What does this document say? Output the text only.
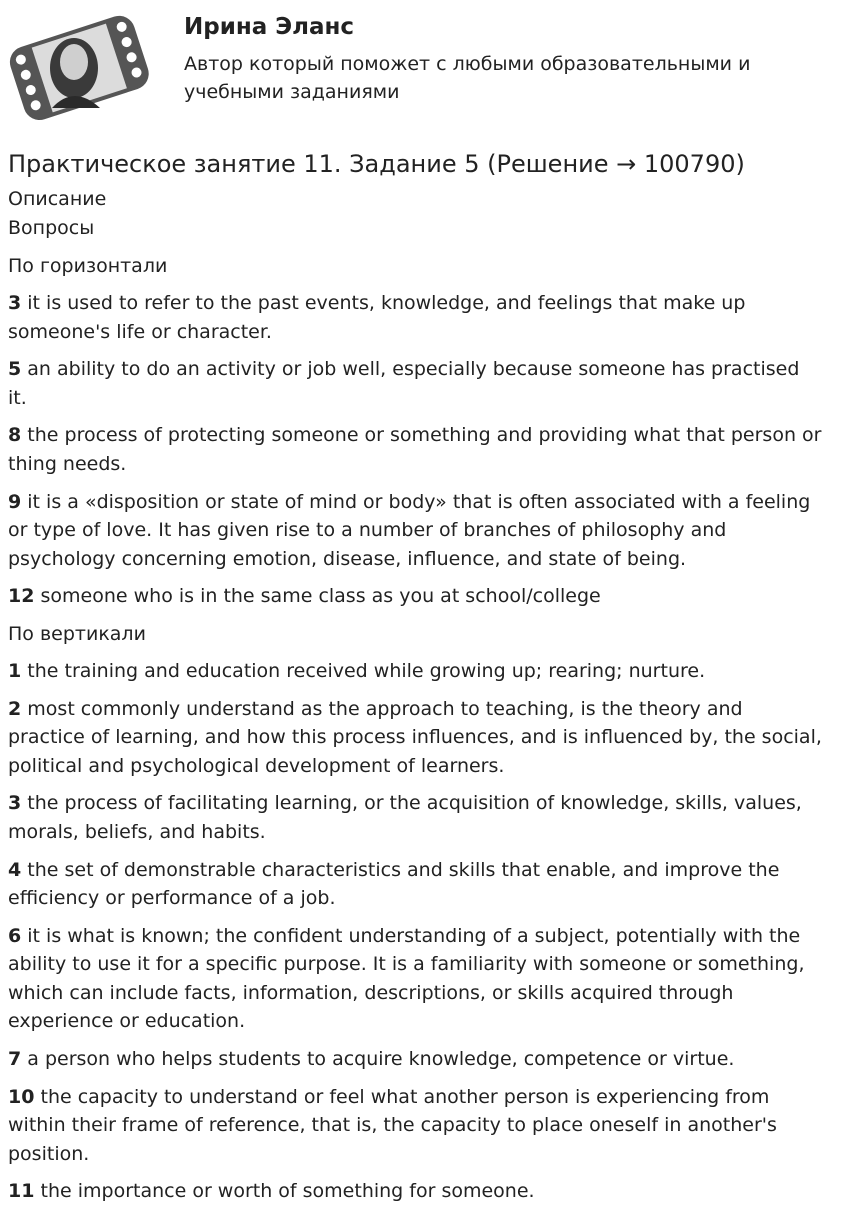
Ирина Эланс
Автор который поможет с любыми образовательными и учебными заданиями
Практическое занятие 11. Задание 5 (Решение → 100790)
Описание
Вопросы
По горизонтали
3 it is used to refer to the past events, knowledge, and feelings that make up someone's life or character.
5 an ability to do an activity or job well, especially because someone has practised it.
8 the process of protecting someone or something and providing what that person or thing needs.
9 it is a «disposition or state of mind or body» that is often associated with a feeling or type of love. It has given rise to a number of branches of philosophy and psychology concerning emotion, disease, influence, and state of being.
12 someone who is in the same class as you at school/college
По вертикали
1 the training and education received while growing up; rearing; nurture.
2 most commonly understand as the approach to teaching, is the theory and practice of learning, and how this process influences, and is influenced by, the social, political and psychological development of learners.
3 the process of facilitating learning, or the acquisition of knowledge, skills, values, morals, beliefs, and habits.
4 the set of demonstrable characteristics and skills that enable, and improve the efficiency or performance of a job.
6 it is what is known; the confident understanding of a subject, potentially with the ability to use it for a specific purpose. It is a familiarity with someone or something, which can include facts, information, descriptions, or skills acquired through experience or education.
7 a person who helps students to acquire knowledge, competence or virtue.
10 the capacity to understand or feel what another person is experiencing from within their frame of reference, that is, the capacity to place oneself in another's position.
11 the importance or worth of something for someone.
